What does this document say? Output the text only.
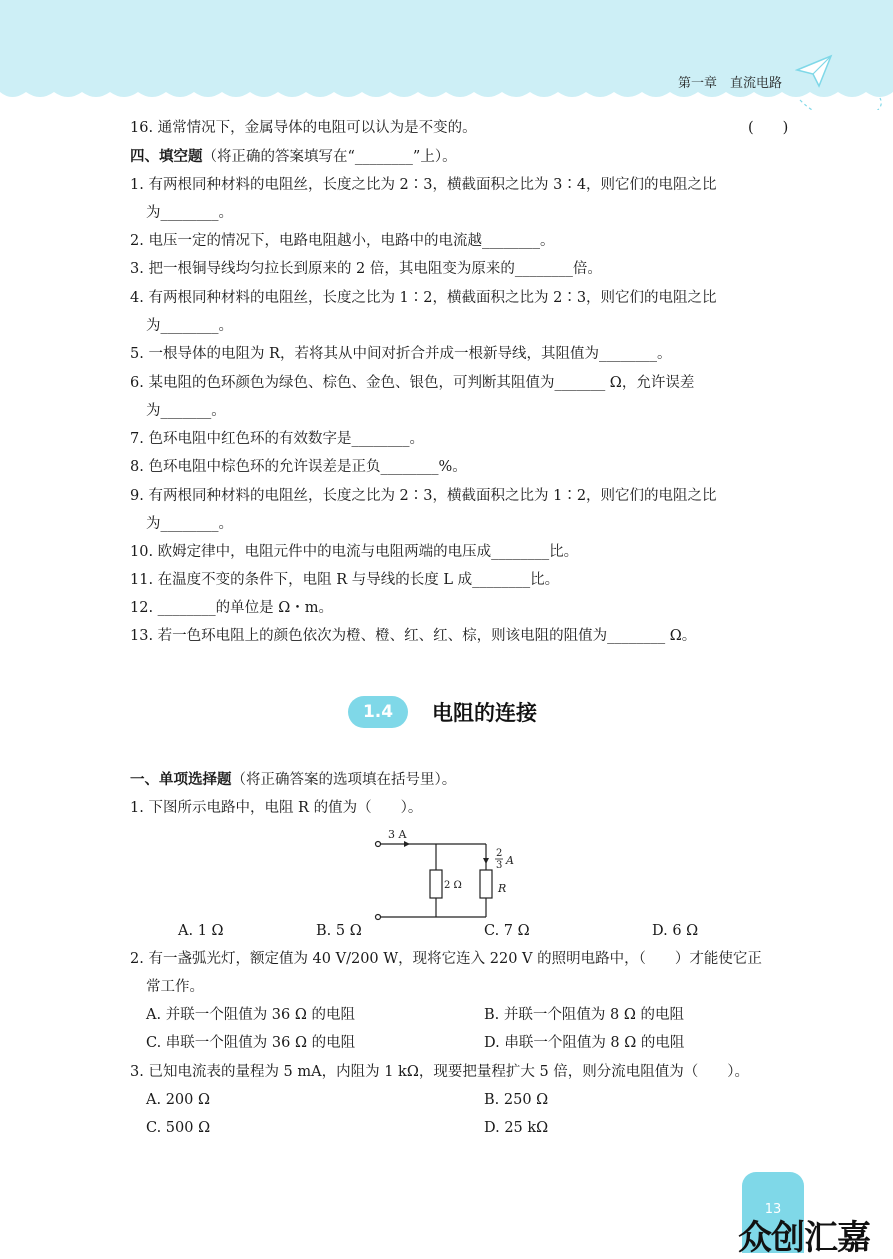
第一章　直流电路
16. 通常情况下，金属导体的电阻可以认为是不变的。	(　　)
四、填空题（将正确的答案填写在“________”上）。
1. 有两根同种材料的电阻丝，长度之比为 2∶3，横截面积之比为 3∶4，则它们的电阻之比
为________。
2. 电压一定的情况下，电路电阻越小，电路中的电流越________。
3. 把一根铜导线均匀拉长到原来的 2 倍，其电阻变为原来的________倍。
4. 有两根同种材料的电阻丝，长度之比为 1∶2，横截面积之比为 2∶3，则它们的电阻之比
为________。
5. 一根导体的电阻为 R，若将其从中间对折合并成一根新导线，其阻值为________。
6. 某电阻的色环颜色为绿色、棕色、金色、银色，可判断其阻值为_______ Ω，允许误差
为_______。
7. 色环电阻中红色环的有效数字是________。
8. 色环电阻中棕色环的允许误差是正负________%。
9. 有两根同种材料的电阻丝，长度之比为 2∶3，横截面积之比为 1∶2，则它们的电阻之比
为________。
10. 欧姆定律中，电阻元件中的电流与电阻两端的电压成________比。
11. 在温度不变的条件下，电阻 R 与导线的长度 L 成________比。
12. ________的单位是 Ω・m。
13. 若一色环电阻上的颜色依次为橙、橙、红、红、棕，则该电阻的阻值为________ Ω。
1.4	电阻的连接
一、单项选择题（将正确答案的选项填在括号里）。
1. 下图所示电路中，电阻 R 的值为（　　）。
3 A
2
3 A
2 Ω	R
A. 1 Ω	B. 5 Ω	C. 7 Ω	D. 6 Ω
2. 有一盏弧光灯，额定值为 40 V/200 W，现将它连入 220 V 的照明电路中，（　　）才能使它正
常工作。
A. 并联一个阻值为 36 Ω 的电阻	B. 并联一个阻值为 8 Ω 的电阻
C. 串联一个阻值为 36 Ω 的电阻	D. 串联一个阻值为 8 Ω 的电阻
3. 已知电流表的量程为 5 mA，内阻为 1 kΩ，现要把量程扩大 5 倍，则分流电阻值为（　　）。
A. 200 Ω	B. 250 Ω
C. 500 Ω	D. 25 kΩ
13
众创汇嘉
